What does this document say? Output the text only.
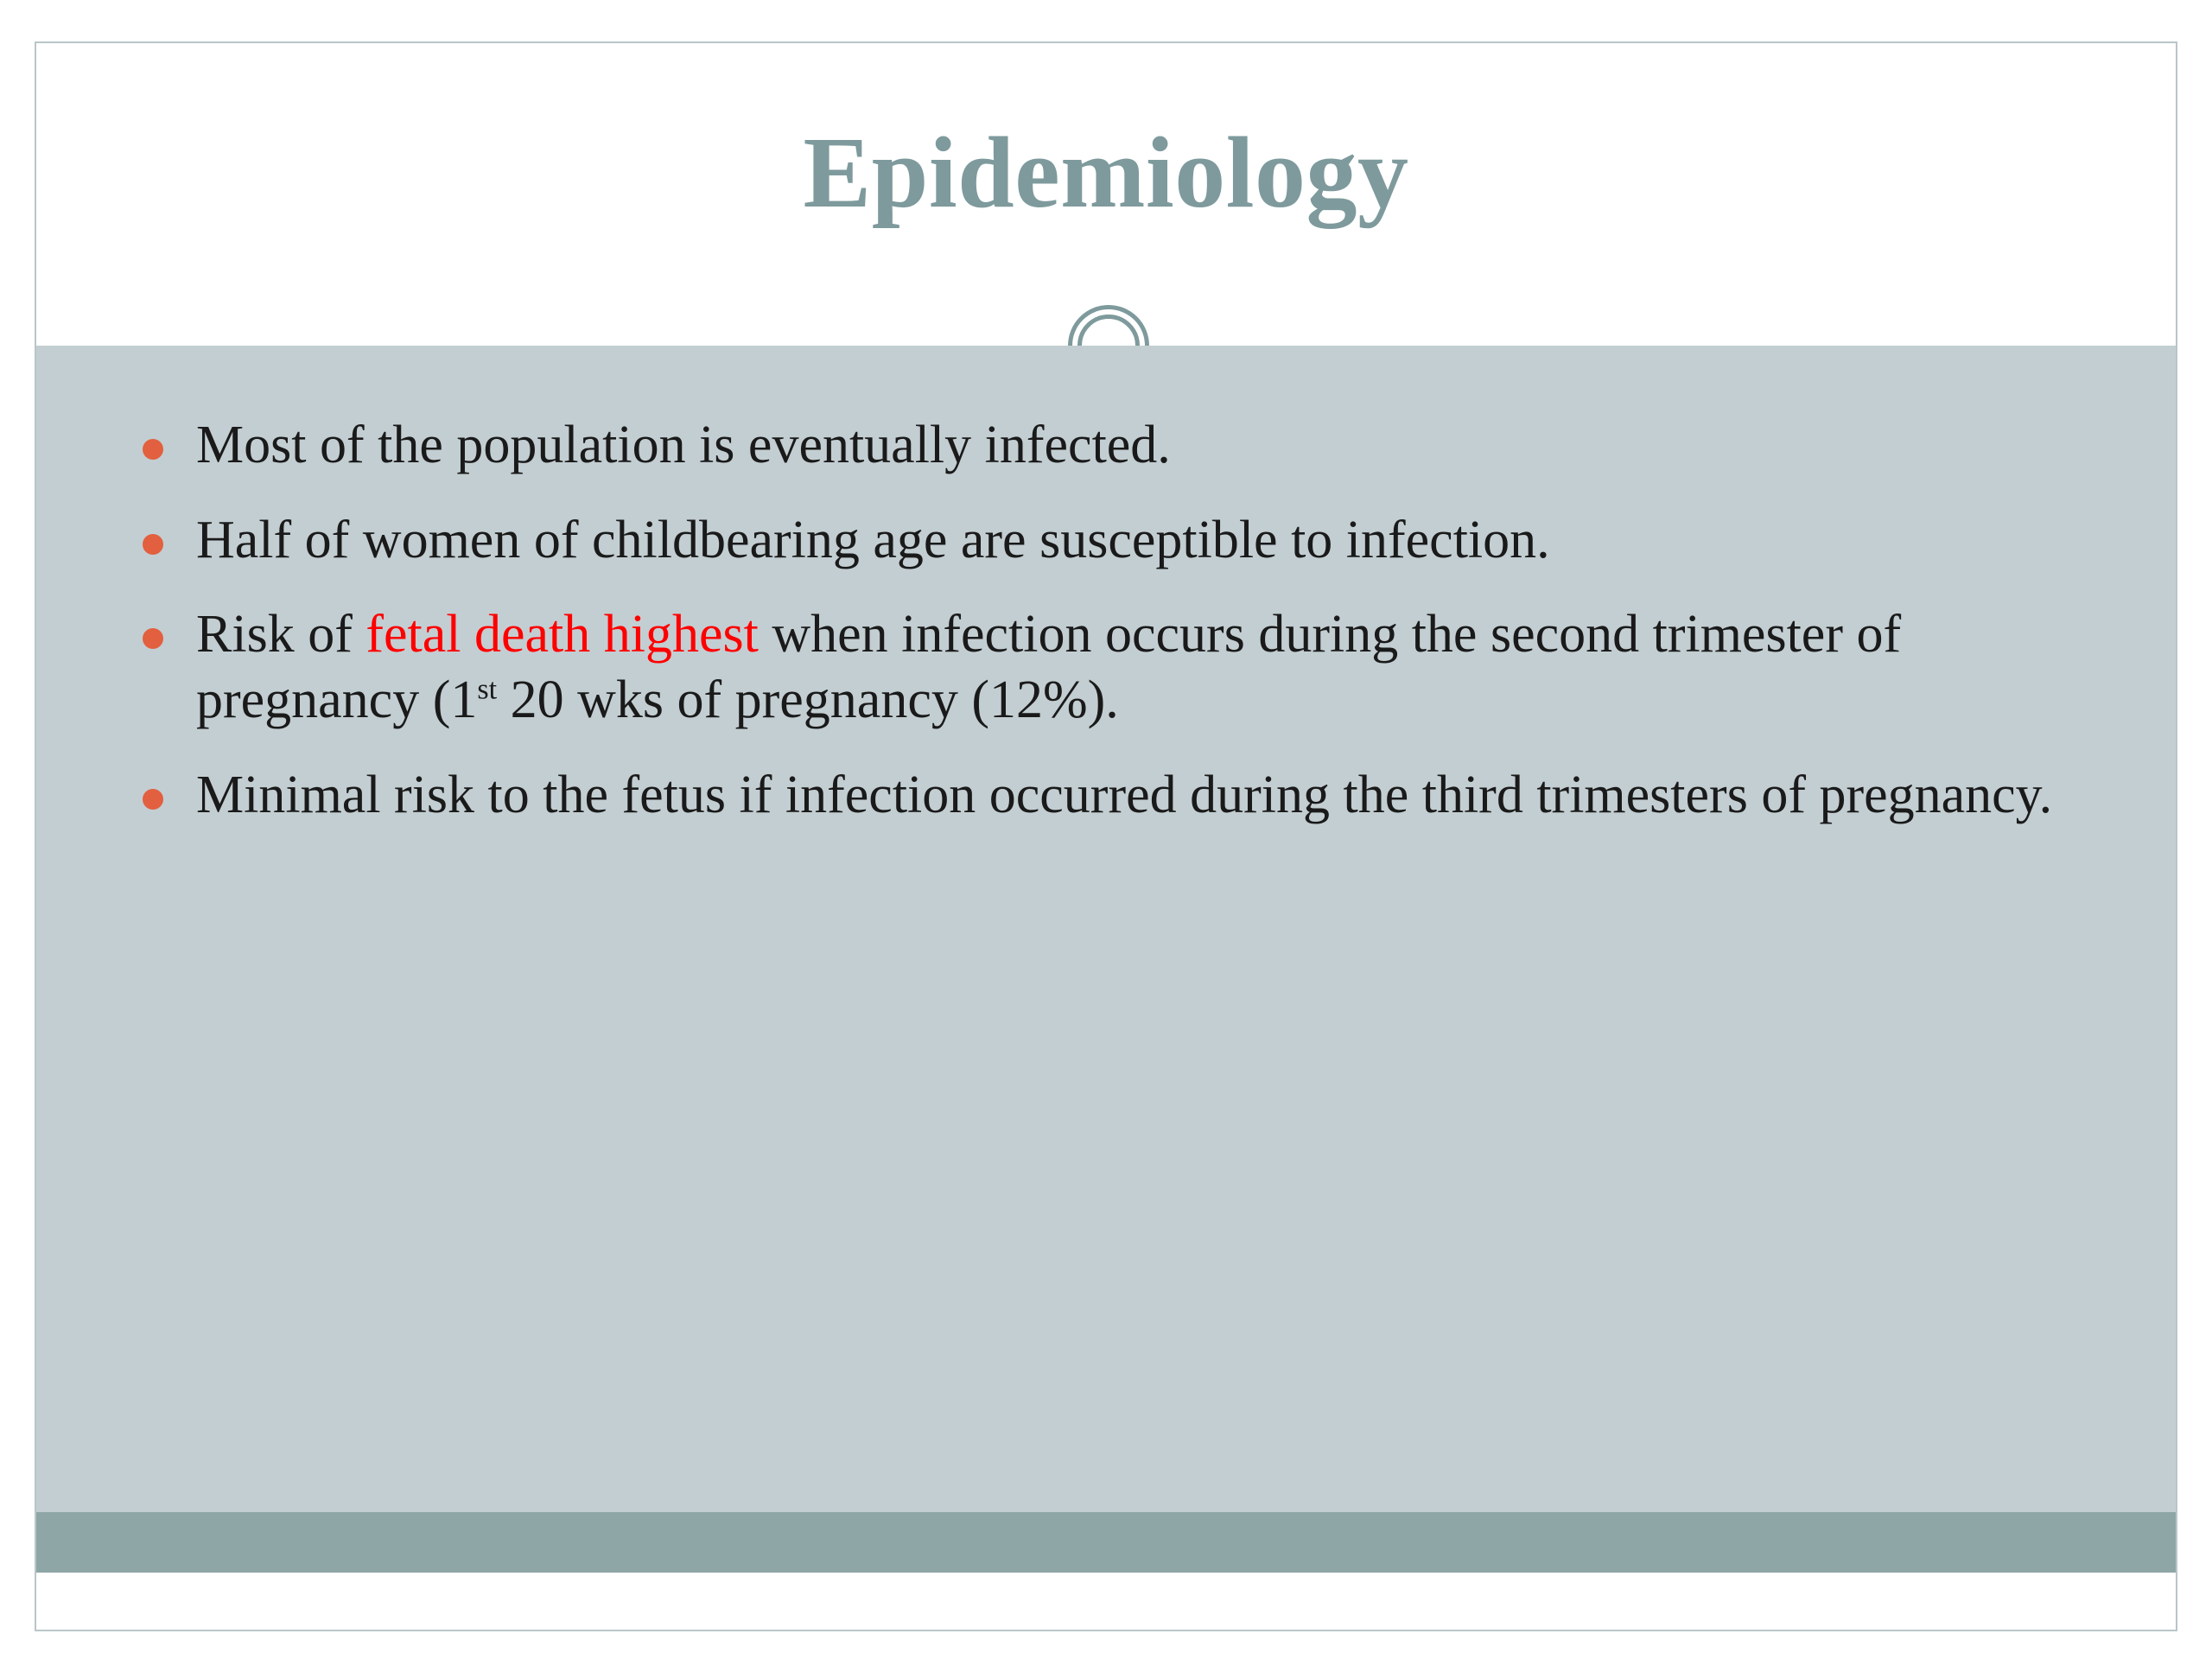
Epidemiology
Most of the population is eventually infected.
Half of women of childbearing age are susceptible to infection.
Risk of fetal death highest when infection occurs during the second trimester of pregnancy (1st 20 wks of pregnancy (12%).
Minimal risk to the fetus if infection occurred during the third trimesters of pregnancy.
